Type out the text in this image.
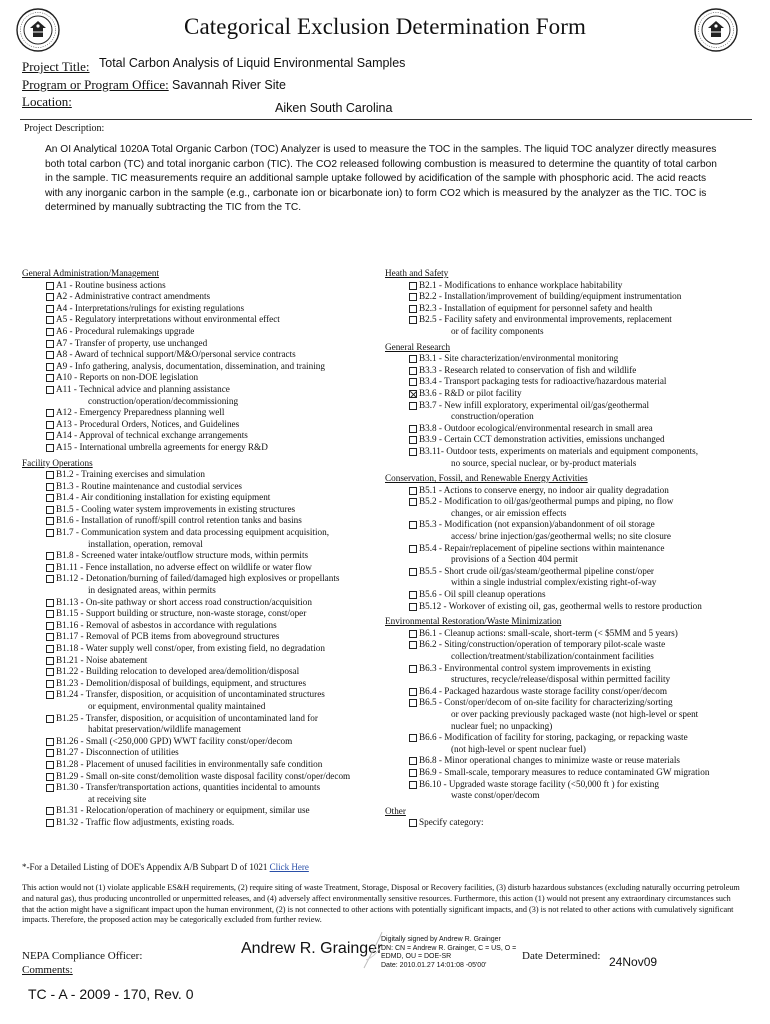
Categorical Exclusion Determination Form
Project Title: Total Carbon Analysis of Liquid Environmental Samples
Program or Program Office: Savannah River Site
Location:	Aiken South Carolina
Project Description:
An OI Analytical 1020A Total Organic Carbon (TOC) Analyzer is used to measure the TOC in the samples. The liquid TOC analyzer directly measures both total carbon (TC) and total inorganic carbon (TIC). The CO2 released following combustion is measured to determine the quantity of total carbon in the sample. TIC measurements require an additional sample uptake followed by acidification of the sample with phosphoric acid. The acid reacts with any inorganic carbon in the sample (e.g., carbonate ion or bicarbonate ion) to form CO2 which is measured by the analyzer as the TIC. TOC is determined by manually subtracting the TIC from the TC.
General Administration/Management
A1 - Routine business actions
A2 - Administrative contract amendments
A4 - Interpretations/rulings for existing regulations
A5 - Regulatory interpretations without environmental effect
A6 - Procedural rulemakings upgrade
A7 - Transfer of property, use unchanged
A8 - Award of technical support/M&O/personal service contracts
A9 - Info gathering, analysis, documentation, dissemination, and training
A10 - Reports on non-DOE legislation
A11 - Technical advice and planning assistance
construction/operation/decommissioning
A12 - Emergency Preparedness planning well
A13 - Procedural Orders, Notices, and Guidelines
A14 - Approval of technical exchange arrangements
A15 - International umbrella agreements for energy R&D
Facility Operations
B1.2 - Training exercises and simulation
B1.3 - Routine maintenance and custodial services
B1.4 - Air conditioning installation for existing equipment
B1.5 - Cooling water system improvements in existing structures
B1.6 - Installation of runoff/spill control retention tanks and basins
B1.7 - Communication system and data processing equipment acquisition,
installation, operation, removal
B1.8 - Screened water intake/outflow structure mods, within permits
B1.11 - Fence installation, no adverse effect on wildlife or water flow
B1.12 - Detonation/burning of failed/damaged high explosives or propellants
in designated areas, within permits
B1.13 - On-site pathway or short access road construction/acquisition
B1.15 - Support building or structure, non-waste storage, const/oper
B1.16 - Removal of asbestos in accordance with regulations
B1.17 - Removal of PCB items from aboveground structures
B1.18 - Water supply well const/oper, from existing field, no degradation
B1.21 - Noise abatement
B1.22 - Building relocation to developed area/demolition/disposal
B1.23 - Demolition/disposal of buildings, equipment, and structures
B1.24 - Transfer, disposition, or acquisition of uncontaminated structures
or equipment, environmental quality maintained
B1.25 - Transfer, disposition, or acquisition of uncontaminated land for
habitat preservation/wildlife management
B1.26 - Small (<250,000 GPD) WWT facility const/oper/decom
B1.27 - Disconnection of utilities
B1.28 - Placement of unused facilities in environmentally safe condition
B1.29 - Small on-site const/demolition waste disposal facility const/oper/decom
B1.30 - Transfer/transportation actions, quantities incidental to amounts
at receiving site
B1.31 - Relocation/operation of machinery or equipment, similar use
B1.32 - Traffic flow adjustments, existing roads.
Heath and Safety
B2.1 - Modifications to enhance workplace habitability
B2.2 - Installation/improvement of building/equipment instrumentation
B2.3 - Installation of equipment for personnel safety and health
B2.5 - Facility safety and environmental improvements, replacement
or of facility components
General Research
B3.1 - Site characterization/environmental monitoring
B3.3 - Research related to conservation of fish and wildlife
B3.4 - Transport packaging tests for radioactive/hazardous material
B3.6 - R&D or pilot facility
B3.7 - New infill exploratory, experimental oil/gas/geothermal
construction/operation
B3.8 - Outdoor ecological/environmental research in small area
B3.9 - Certain CCT demonstration activities, emissions unchanged
B3.11- Outdoor tests, experiments on materials and equipment components,
no source, special nuclear, or by-product materials
Conservation, Fossil, and Renewable Energy Activities
B5.1 - Actions to conserve energy, no indoor air quality degradation
B5.2 - Modification to oil/gas/geothermal pumps and piping, no flow
changes, or air emission effects
B5.3 - Modification (not expansion)/abandonment of oil storage
access/ brine injection/gas/geothermal wells; no site closure
B5.4 - Repair/replacement of pipeline sections within maintenance
provisions of a Section 404 permit
B5.5 - Short crude oil/gas/steam/geothermal pipeline const/oper
within a single industrial complex/existing right-of-way
B5.6 - Oil spill cleanup operations
B5.12 - Workover of existing oil, gas, geothermal wells to restore production
Environmental Restoration/Waste Minimization
B6.1 - Cleanup actions: small-scale, short-term (< $5MM and 5 years)
B6.2 - Siting/construction/operation of temporary pilot-scale waste
collection/treatment/stabilization/containment facilities
B6.3 - Environmental control system improvements in existing
structures, recycle/release/disposal within permitted facility
B6.4 - Packaged hazardous waste storage facility const/oper/decom
B6.5 - Const/oper/decom of on-site facility for characterizing/sorting
or over packing previously packaged waste (not high-level or spent
nuclear fuel; no unpacking)
B6.6 - Modification of facility for storing, packaging, or repacking waste
(not high-level or spent nuclear fuel)
B6.8 - Minor operational changes to minimize waste or reuse materials
B6.9 - Small-scale, temporary measures to reduce contaminated GW migration
B6.10 - Upgraded waste storage facility (<50,000 ft ) for existing
waste const/oper/decom
Other
Specify category:
*-For a Detailed Listing of DOE's Appendix A/B Subpart D of 1021 Click Here
This action would not (1) violate applicable ES&H requirements, (2) require siting of waste Treatment, Storage, Disposal or Recovery facilities, (3) disturb hazardous substances (excluding naturally occurring petroleum and natural gas), thus producing uncontrolled or unpermitted releases, and (4) adversely affect environmentally sensitive resources. Furthermore, this action (1) would not present any extraordinary circumstances such that the action might have a significant impact upon the human environment, (2) is not connected to other actions with potentially significant impacts, and (3) is not related to other actions with cumulatively significant impacts. Therefore, the proposed action may be categorically excluded from further review.
NEPA Compliance Officer:
Comments:
Andrew R. Grainger
Digitally signed by Andrew R. Grainger
DN: CN = Andrew R. Grainger, C = US, O =
EDMD, OU = DOE-SR
Date: 2010.01.27 14:01:08 -05'00'
Date Determined: 24Nov09
TC - A - 2009 - 170, Rev. 0
